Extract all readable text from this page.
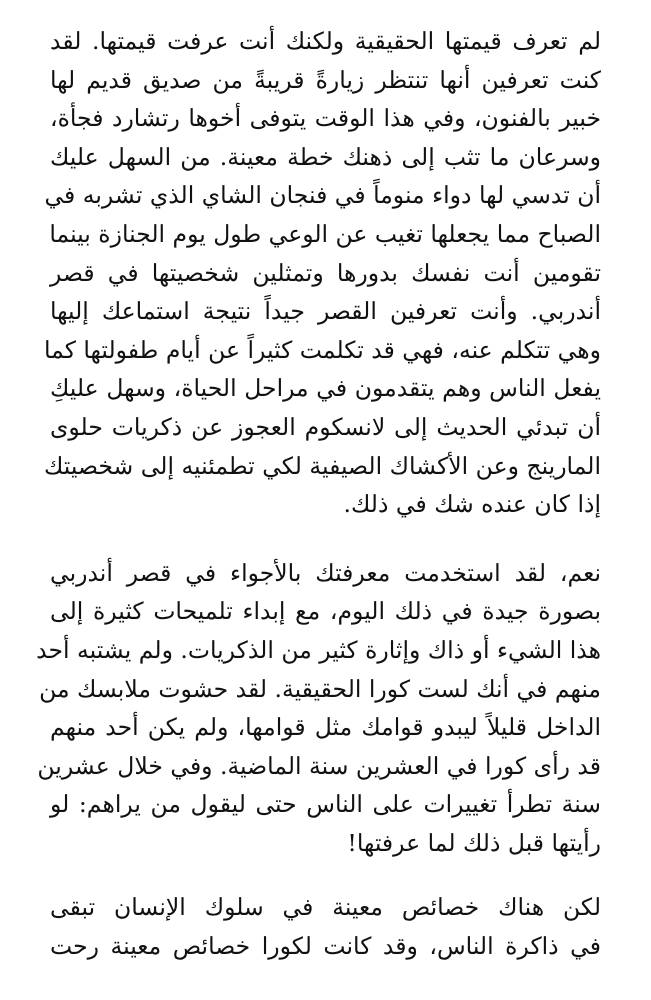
لم تعرف قيمتها الحقيقية ولكنك أنت عرفت قيمتها. لقد
كنت تعرفين أنها تنتظر زيارةً قريبةً من صديق قديم لها
خبير بالفنون، وفي هذا الوقت يتوفى أخوها رتشارد فجأة،
وسرعان ما تثب إلى ذهنك خطة معينة. من السهل عليك
أن تدسي لها دواء منوماً في فنجان الشاي الذي تشربه في
الصباح مما يجعلها تغيب عن الوعي طول يوم الجنازة بينما
تقومين أنت نفسك بدورها وتمثلين شخصيتها في قصر
أندربي. وأنت تعرفين القصر جيداً نتيجة استماعك إليها
وهي تتكلم عنه، فهي قد تكلمت كثيراً عن أيام طفولتها كما
يفعل الناس وهم يتقدمون في مراحل الحياة، وسهل عليكِ
أن تبدئي الحديث إلى لانسكوم العجوز عن ذكريات حلوى
المارينج وعن الأكشاك الصيفية لكي تطمئنيه إلى شخصيتك
إذا كان عنده شك في ذلك.

نعم، لقد استخدمت معرفتك بالأجواء في قصر أندربي
بصورة جيدة في ذلك اليوم، مع إبداء تلميحات كثيرة إلى
هذا الشيء أو ذاك وإثارة كثير من الذكريات. ولم يشتبه أحد
منهم في أنك لست كورا الحقيقية. لقد حشوت ملابسك من
الداخل قليلاً ليبدو قوامك مثل قوامها، ولم يكن أحد منهم
قد رأى كورا في العشرين سنة الماضية. وفي خلال عشرين
سنة تطرأ تغييرات على الناس حتى ليقول من يراهم: لو
رأيتها قبل ذلك لما عرفتها!

لكن هناك خصائص معينة في سلوك الإنسان تبقى
في ذاكرة الناس، وقد كانت لكورا خصائص معينة رحت
